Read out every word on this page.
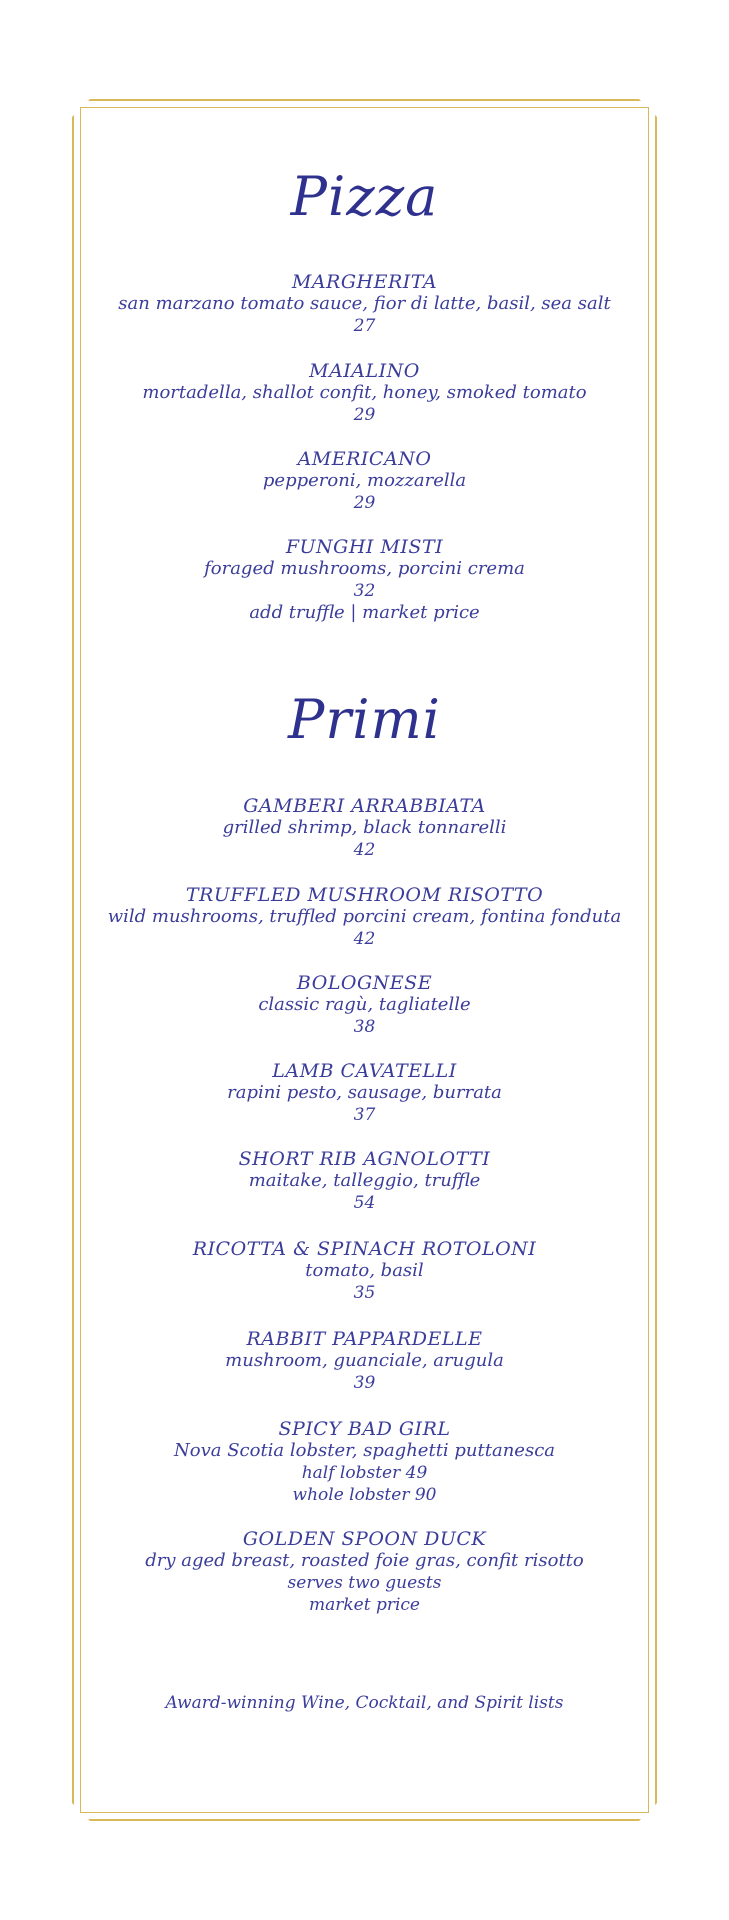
Pizza
MARGHERITA
san marzano tomato sauce, fior di latte, basil, sea salt
27
MAIALINO
mortadella, shallot confit, honey, smoked tomato
29
AMERICANO
pepperoni, mozzarella
29
FUNGHI MISTI
foraged mushrooms, porcini crema
32
add truffle | market price
Primi
GAMBERI ARRABBIATA
grilled shrimp, black tonnarelli
42
TRUFFLED MUSHROOM RISOTTO
wild mushrooms, truffled porcini cream, fontina fonduta
42
BOLOGNESE
classic ragù, tagliatelle
38
LAMB CAVATELLI
rapini pesto, sausage, burrata
37
SHORT RIB AGNOLOTTI
maitake, talleggio, truffle
54
RICOTTA & SPINACH ROTOLONI
tomato, basil
35
RABBIT PAPPARDELLE
mushroom, guanciale, arugula
39
SPICY BAD GIRL
Nova Scotia lobster, spaghetti puttanesca
half lobster 49
whole lobster 90
GOLDEN SPOON DUCK
dry aged breast, roasted foie gras, confit risotto
serves two guests
market price
Award-winning Wine, Cocktail, and Spirit lists
